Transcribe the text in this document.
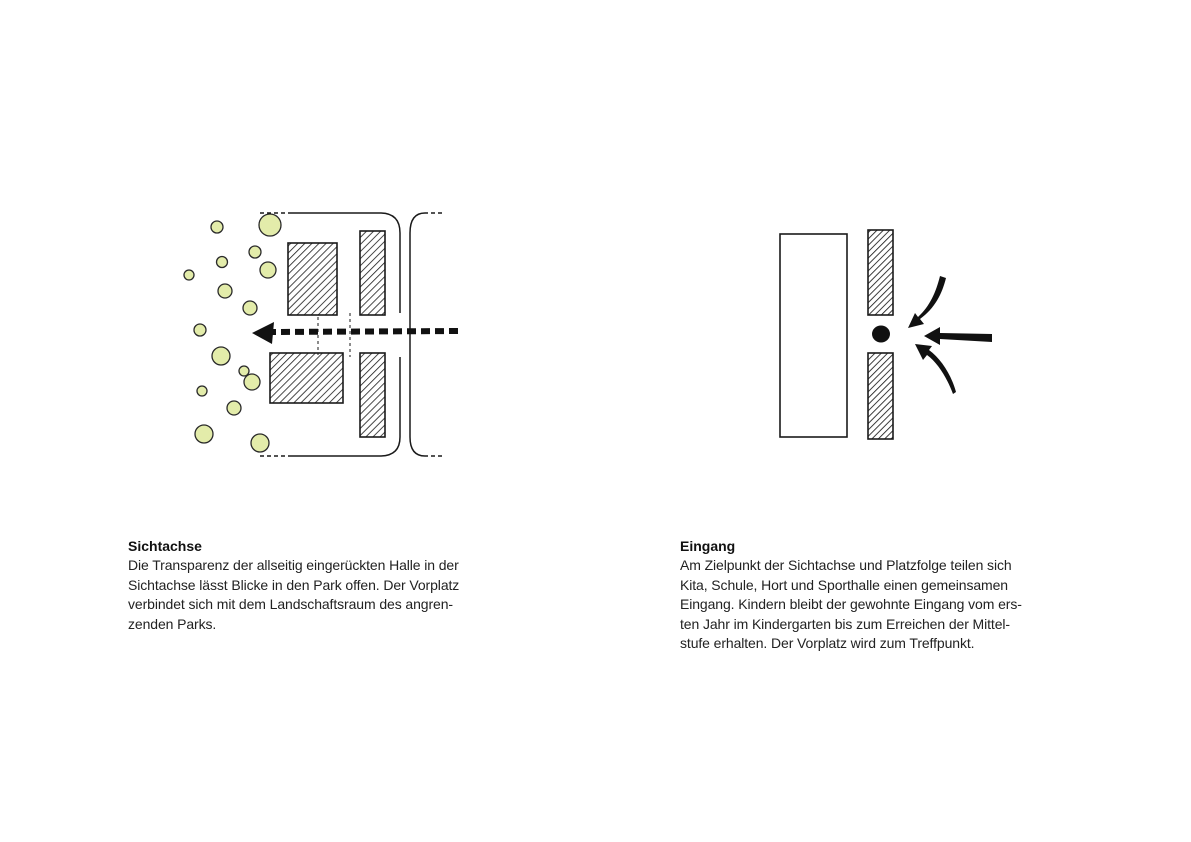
Sichtachse

Die Transparenz der allseitig eingerückten Halle in der
Sichtachse lässt Blicke in den Park offen. Der Vorplatz
verbindet sich mit dem Landschaftsraum des angren-
zenden Parks.

Eingang

Am Zielpunkt der Sichtachse und Platzfolge teilen sich
Kita, Schule, Hort und Sporthalle einen gemeinsamen
Eingang. Kindern bleibt der gewohnte Eingang vom ers-
ten Jahr im Kindergarten bis zum Erreichen der Mittel-
stufe erhalten. Der Vorplatz wird zum Treffpunkt.
